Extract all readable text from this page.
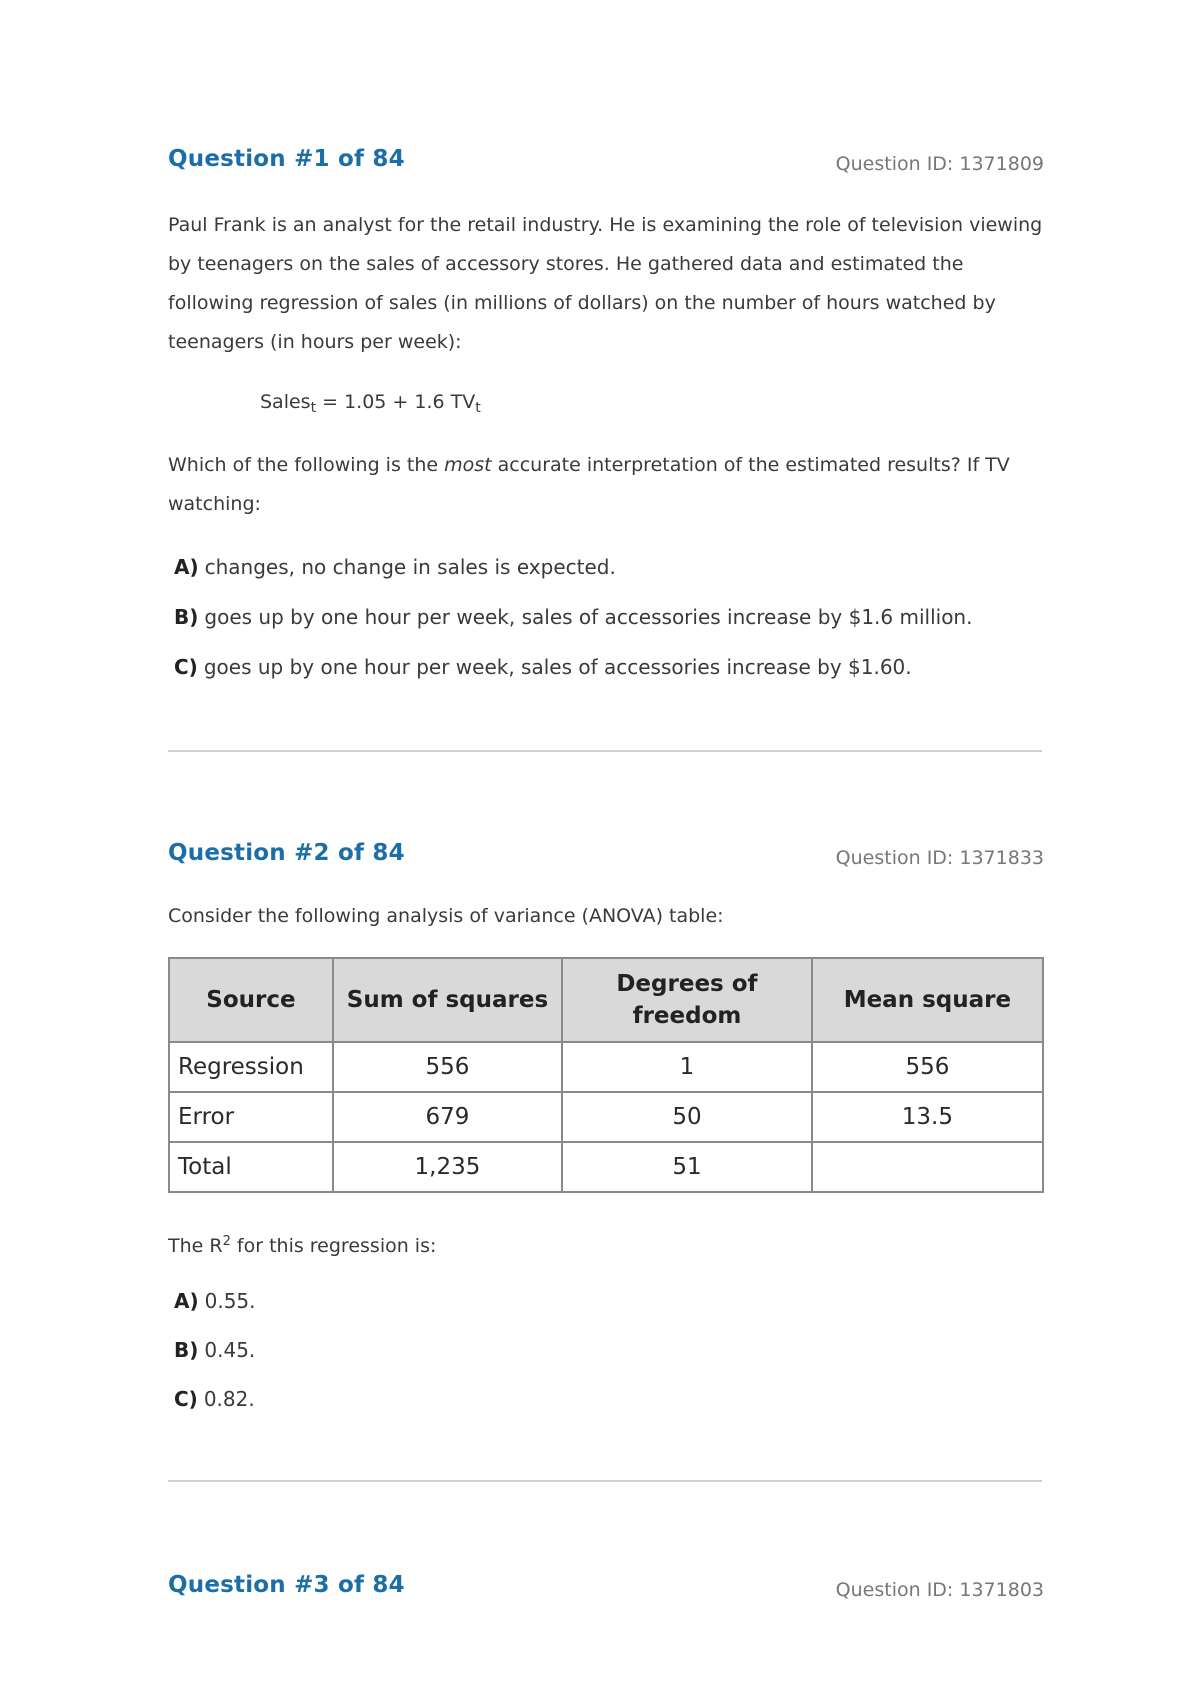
Question #1 of 84	Question ID: 1371809

Paul Frank is an analyst for the retail industry. He is examining the role of television viewing by teenagers on the sales of accessory stores. He gathered data and estimated the following regression of sales (in millions of dollars) on the number of hours watched by teenagers (in hours per week):

Sales$_t$ = 1.05 + 1.6 $TV_t$

Which of the following is the most accurate interpretation of the estimated results? If TV watching:

A) changes, no change in sales is expected.
B) goes up by one hour per week, sales of accessories increase by $1.6 million.
C) goes up by one hour per week, sales of accessories increase by $1.60.
Question #2 of 84	Question ID: 1371833

Consider the following analysis of variance (ANOVA) table:

Source	Sum of squares	Degrees of freedom	Mean square
Regression	556	1	556
Error	679	50	13.5
Total	1,235	51	

The $R^2$ for this regression is:

A) 0.55.
B) 0.45.
C) 0.82.
Question #3 of 84	Question ID: 1371803
